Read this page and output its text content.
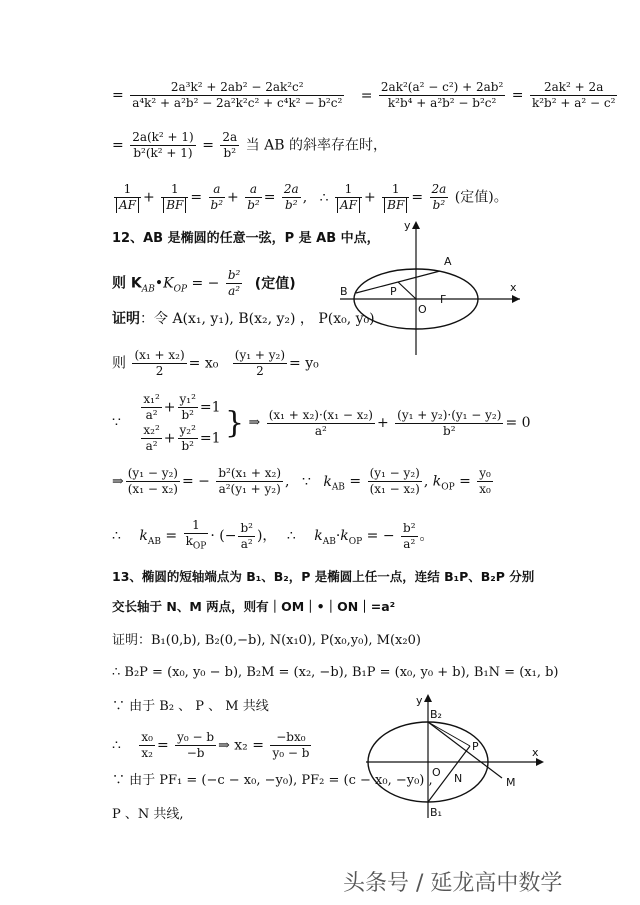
= $\frac{\text{2a³k² + 2ab² − 2ak²c²}}{\text{a⁴k² + a²b² − 2a²k²c² + c⁴k² − b²c²}} = \frac{\text{2ak²(a² − c²) + 2ab²}}{\text{k²b⁴ + a²b² − b²c²}} = \frac{\text{2ak² + 2a}}{\text{k²b² + a² − c²}}$
= $\frac{\text{2a(k² + 1)}}{\text{b²(k² + 1)}} = \frac{2a}{\text{b²}}$ 当 AB 的斜率存在时，
$\frac{1}{AF} + \frac{1}{BF} = \frac{a}{\text{b²}} + \frac{a}{\text{b²}} = \frac{2a}{\text{b²}}$ , ∴ $\frac{1}{AF} + \frac{1}{BF} = \frac{2a}{\text{b²}}$ (定值)。
12、AB 是椭圆的任意一弦，P 是 AB 中点，
则 $K_{AB}•K_{OP}$ = − $\frac{\text{b²}}{\text{a²}}$ (定值)
证明：令 A(x₁, y₁), B(x₂, y₂) ， P(x₀, y₀)
则 $\frac{\text{(x₁ + x₂)}}{2} = x_0 \frac{\text{(y₁ + y₂)}}{2} = y_0$
∵ $\frac{\text{x₁²}}{\text{a²}} + \frac{\text{y₁²}}{\text{b²}} =1$
$\frac{\text{x₂²}}{\text{a²}} + \frac{\text{y₂²}}{\text{b²}} =1$ } ⇒ $\frac{\text{(x₁ + x₂)·(x₁ − x₂)}}{\text{a²}} + \frac{\text{(y₁ + y₂)·(y₁ − y₂)}}{\text{b²}} = 0$
⇒ $\frac{\text{(y₁ − y₂)}}{\text{(x₁ − x₂)}}$ = − $\frac{\text{b²(x₁ + x₂)}}{\text{a²(y₁ + y₂)}}$ , ∵ $k_{AB} = \frac{\text{(y₁ − y₂)}}{\text{(x₁ − x₂)}}$ , $k_{OP} = \frac{\text{y₀}}{\text{x₀}}$
∴ $k_{AB} = \frac{1}{k_{OP}}$ · (− $\frac{\text{b²}}{\text{a²}}$ )， ∴ $k_{AB}\cdot k_{OP}$ = − $\frac{\text{b²}}{\text{a²}}$ 。
y
A
B	P
O
F
x
13、椭圆的短轴端点为 B₁、B₂，P 是椭圆上任一点，连结 B₁P、B₂P 分别
交长轴于 N、M 两点，则有｜OM｜•｜ON｜=a²
证明：B₁(0,b), B₂(0,−b), N(x₁0), P(x₀,y₀), M(x₂0)
∴ B₂P = (x₀, y₀ − b), B₂M = (x₂, −b), B₁P = (x₀, y₀ + b), B₁N = (x₁, b)
∵ 由于 B₂ 、 P 、 M 共线
∴ $\frac{\text{x₀}}{\text{x₂}} = \frac{\text{y₀ − b}}{-b}$ ⇒ $x_2 = \frac{\text{−bx₀}}{\text{y₀ − b}}$
∵ 由于 PF₁ = (−c − x₀, −y₀), PF₂ = (c − x₀, −y₀) ,
P 、N 共线,
y
B₂
P
O N	M
x
B₁
头条号 / 延龙高中数学
